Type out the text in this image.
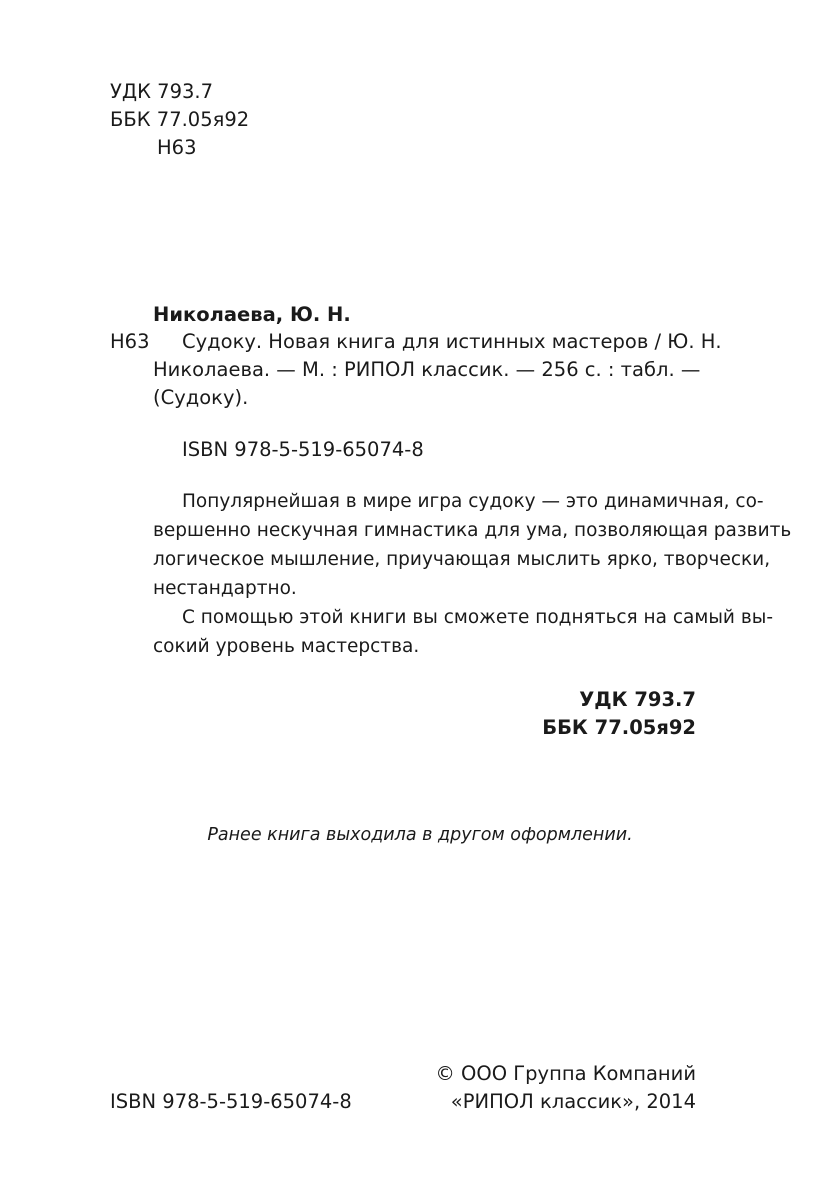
УДК 793.7
ББК 77.05я92
Н63
Николаева, Ю. Н.
Н63 Судоку. Новая книга для истинных мастеров / Ю. Н.
Николаева. — М. : РИПОЛ классик. — 256 с. : табл. —
(Судоку).
ISBN 978-5-519-65074-8
Популярнейшая в мире игра судоку — это динамичная, со-
вершенно нескучная гимнастика для ума, позволяющая развить
логическое мышление, приучающая мыслить ярко, творчески,
нестандартно.
С помощью этой книги вы сможете подняться на самый вы-
сокий уровень мастерства.
УДК 793.7
ББК 77.05я92
Ранее книга выходила в другом оформлении.
ISBN 978-5-519-65074-8
© ООО Группа Компаний
«РИПОЛ классик», 2014
